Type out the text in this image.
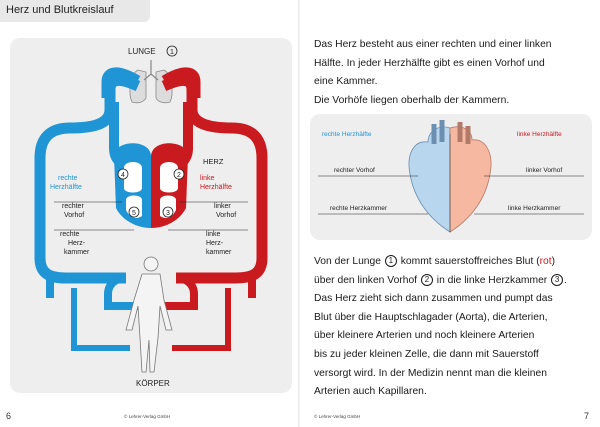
Herz und Blutkreislauf
LUNGE 1
4	2
5	3
HERZ
rechte
Herzhälfte
linke
Herzhälfte
rechter
Vorhof
linker
Vorhof
rechte
Herz-
kammer
linke
Herz-
kammer
KÖRPER
6	© Lehrer-Verlag GmbH

Das Herz besteht aus einer rechten und einer linken

Hälfte. In jeder Herzhälfte gibt es einen Vorhof und

eine Kammer.

Die Vorhöfe liegen oberhalb der Kammern.

rechte Herzhälfte	linke Herzhälfte
rechter Vorhof	linker Vorhof
rechte Herzkammer	linke Herzkammer

Von der Lunge 1 kommt sauerstoffreiches Blut (rot)

über den linken Vorhof 2 in die linke Herzkammer 3 .

Das Herz zieht sich dann zusammen und pumpt das

Blut über die Hauptschlagader (Aorta), die Arterien,

über kleinere Arterien und noch kleinere Arterien

bis zu jeder kleinen Zelle, die dann mit Sauerstoff

versorgt wird. In der Medizin nennt man die kleinen

Arterien auch Kapillaren.

© Lehrer-Verlag GmbH	7
